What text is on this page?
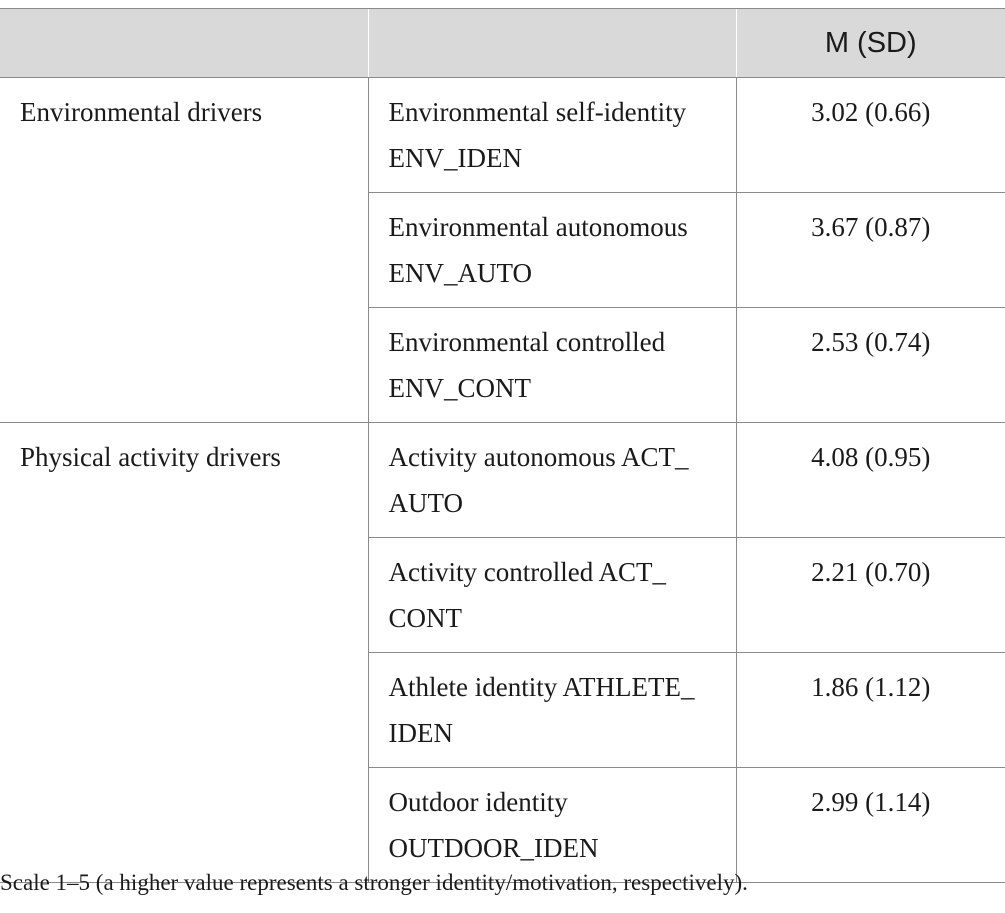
		M (SD)
Environmental drivers	Environmental self-identity ENV_IDEN	3.02 (0.66)
	Environmental autonomous ENV_AUTO	3.67 (0.87)
	Environmental controlled ENV_CONT	2.53 (0.74)
Physical activity drivers	Activity autonomous ACT_ AUTO	4.08 (0.95)
	Activity controlled ACT_ CONT	2.21 (0.70)
	Athlete identity ATHLETE_ IDEN	1.86 (1.12)
	Outdoor identity OUTDOOR_IDEN	2.99 (1.14)
Scale 1–5 (a higher value represents a stronger identity/motivation, respectively).
